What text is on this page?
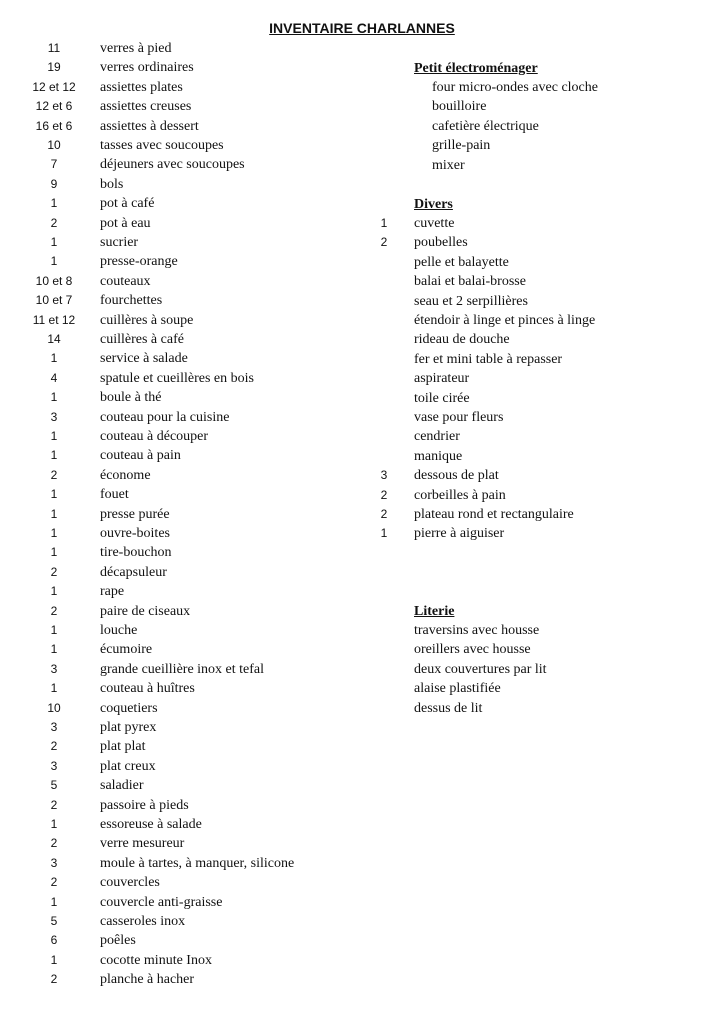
INVENTAIRE CHARLANNES
11	verres à pied
19	verres ordinaires
12 et 12	assiettes plates
12 et 6	assiettes creuses
16 et 6	assiettes à dessert
10	tasses avec soucoupes
7	déjeuners avec soucoupes
9	bols
1	pot à café
2	pot à eau
1	sucrier
1	presse-orange
10 et 8	couteaux
10 et 7	fourchettes
11 et 12	cuillères à soupe
14	cuillères à café
1	service à salade
4	spatule et cueillères en bois
1	boule à thé
3	couteau pour la cuisine
1	couteau à découper
1	couteau à pain
2	économe
1	fouet
1	presse purée
1	ouvre-boites
1	tire-bouchon
2	décapsuleur
1	rape
2	paire de ciseaux
1	louche
1	écumoire
3	grande cueillière inox et tefal
1	couteau à huîtres
10	coquetiers
3	plat pyrex
2	plat plat
3	plat creux
5	saladier
2	passoire à pieds
1	essoreuse à salade
2	verre mesureur
3	moule à tartes, à manquer, silicone
2	couvercles
1	couvercle anti-graisse
5	casseroles inox
6	poêles
1	cocotte minute Inox
2	planche à hacher
Petit électroménager
four micro-ondes avec cloche
bouilloire
cafetière électrique
grille-pain
mixer
Divers
1	cuvette
2	poubelles
pelle et balayette
balai et balai-brosse
seau et 2 serpillières
étendoir à linge et pinces à linge
rideau de douche
fer et mini table à repasser
aspirateur
toile cirée
vase pour fleurs
cendrier
manique
3	dessous de plat
2	corbeilles à pain
2	plateau rond et rectangulaire
1	pierre à aiguiser
Literie
traversins avec housse
oreillers avec housse
deux couvertures par lit
alaise plastifiée
dessus de lit
